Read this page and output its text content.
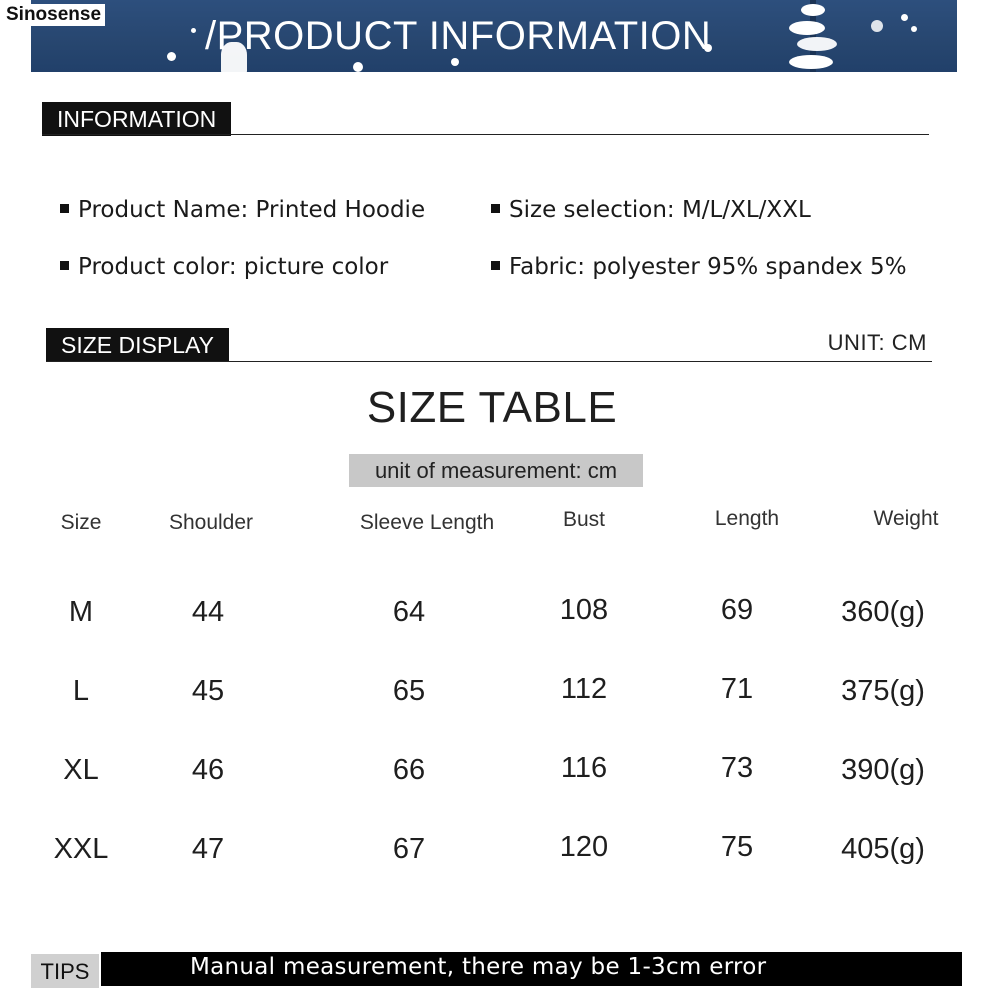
/PRODUCT INFORMATION
Sinosense
INFORMATION
Product Name: Printed Hoodie	Size selection: M/L/XL/XXL
Product color: picture color	Fabric: polyester 95% spandex 5%
SIZE DISPLAY	UNIT: CM
SIZE TABLE
unit of measurement: cm
Size	Shoulder	Sleeve Length	Bust	Length	Weight
M	44	64	108	69	360(g)
L	45	65	112	71	375(g)
XL	46	66	116	73	390(g)
XXL	47	67	120	75	405(g)
TIPS	Manual measurement, there may be 1-3cm error
